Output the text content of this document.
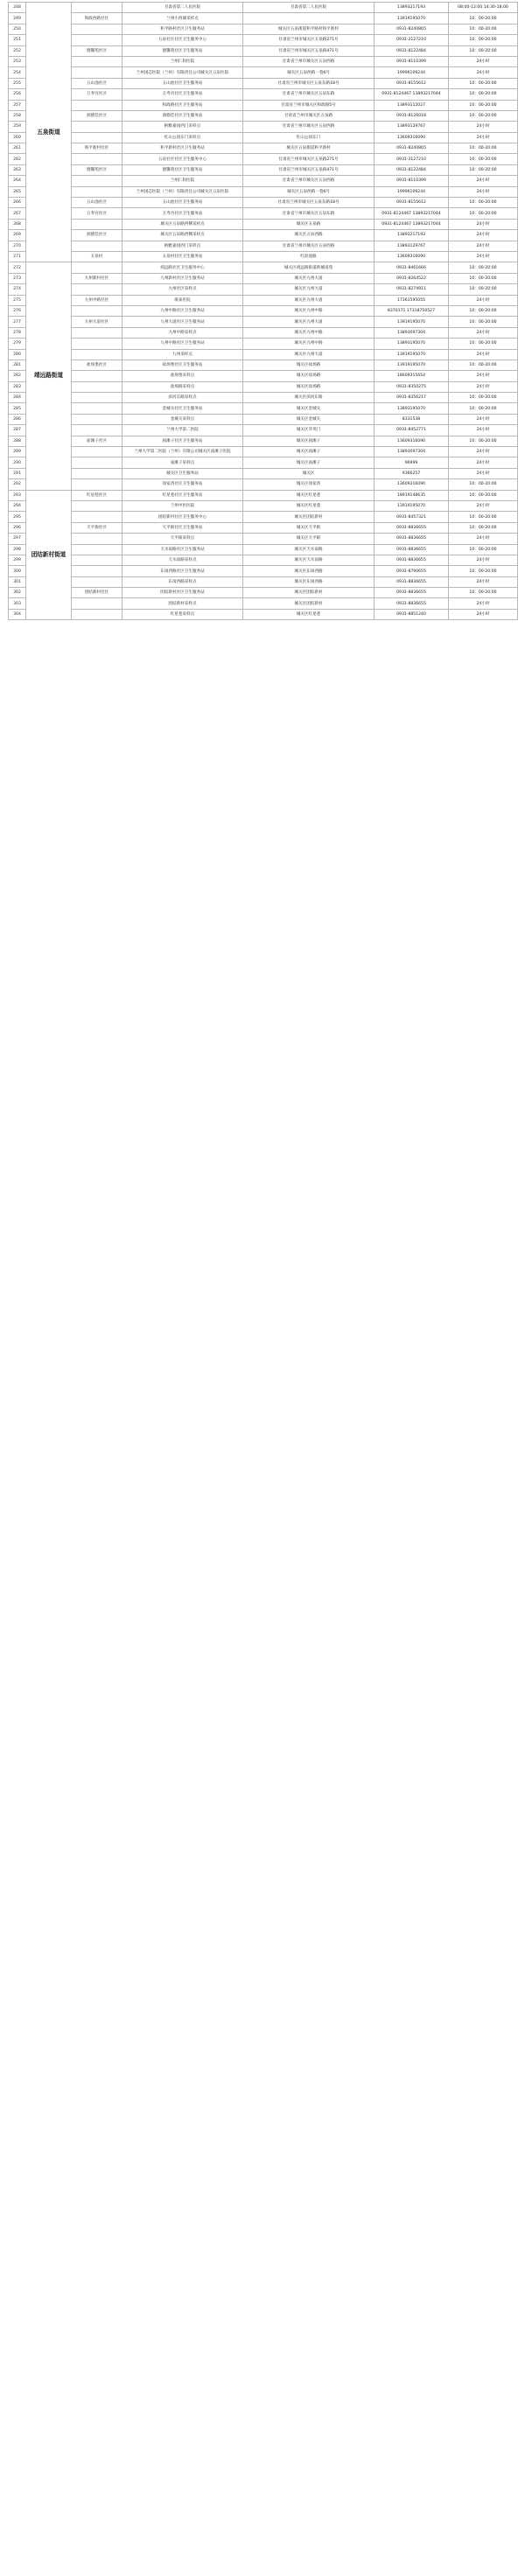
248	五泉街道		甘肃省第二人民医院	甘肃省第二人民医院	13893217193	08:00-12:00 14:30-18:00
249		和政西路社区	兰州小西湖采样点		13919195070	10：00-20:00
250			和平路村社区卫生服务站	城关区五泉街道和平路村和平新村	0931-8240865	10：00-20:00
251			五泉社区社区卫生服务中心	甘肃省兰州市城关区五泉路271号	0931-2127210	10：00-20:00
252		德馨苑社区	德馨苑社区卫生服务站	甘肃省兰州市城关区五泉路471号	0931-8122484	10：00-20:00
253			兰州仁和医院	甘肃省兰州市城关区五泉西路	0931-8110399	24小时
254			兰州国芯医院（兰州）有限责任公司城关区五泉医院	城关区五泉西路一巷6号	19996109244	24小时
255		五山池社区	五山池社区卫生服务站	甘肃省兰州市城关区五泉东路18号	0931-8155612	10：00-20:00
256		万寿宫社区	万寿宫社区卫生服务站	甘肃省兰州市城关区五泉东路	0931-8124467 13893217044	10：00-20:00
257			和政路社区卫生服务站	甘肃省兰州市城关区和政路5号	13893112027	10：00-20:00
258		润德佳社区	润德佳社区卫生服务站	甘肃省兰州市城关区五泉路	0931-8126018	10：00-20:00
259			柄雅嘉园西门采样点	甘肃省兰州市城关区五泉西路	13893129767	24小时
260			红山公园东门采样点	红山公园东门	13609316090	24小时
261		和平新村社区	和平新村社区卫生服务站	城关区五泉街道和平新村	0931-8240865	10：00-20:00
262			五泉社区社区卫生服务中心	甘肃省兰州市城关区五泉路271号	0931-2127210	10：00-20:00
263		德馨苑社区	德馨苑社区卫生服务站	甘肃省兰州市城关区五泉路471号	0931-8122484	10：00-20:00
264			兰州仁和医院	甘肃省兰州市城关区五泉西路	0931-8110399	24小时
265			兰州国芯医院（兰州）有限责任公司城关区五泉医院	城关区五泉西路一巷6号	19996109244	24小时
266		五山池社区	五山池社区卫生服务站	甘肃省兰州市城关区五泉东路18号	0931-8155612	10：00-20:00
267		万寿宫社区	万寿宫社区卫生服务站	甘肃省兰州市城关区五泉东路	0931-8124467 13893217044	10：00-20:00
268			城关区五泉路西侧采样点	城关区五泉路	0931-8124467 13893217044	24小时
269		润德佳社区	城关区五泉路西侧采样点	城关区五泉西路	13893217193	24小时
270			柄雅嘉园西门采样点	甘肃省兰州市城关区五泉西路	13893129767	24小时
271		五泉村	五泉村社区卫生服务站	红泥池路	13609316090	24小时
272	靖远路街道		靖远路社区卫生服务中心	城关区靖远路街道新城南苑	0931-8461666	10：00-20:00
273		九州新村社区	九州新村社区卫生服务站	城关区九州大道	0931-8264522	10：00-20:00
274			九州社区采样点	城关区九州大道	0931-8274911	10：00-20:00
275		九州中路社区	康泰医院	城关区九州大道	17361595055	24小时
276			九州中路社区卫生服务站	城关区九州中路	8370171 17318750527	10：00-20:00
277		九州大道社区	九州大道社区卫生服务站	城关区九州大道	13919195070	10：00-20:00
278			九州中路采样点	城关区九州中路	13893097304	24小时
279			九州中路社区卫生服务站	城关区九州中路	13893195070	10：00-20:00
280			九州采样点	城关区九州大道	13919195070	24小时
281		盐场堡社区	盐场堡社区卫生服务站	城关区盐场路	13919195070	10：00-20:00
282			盐场堡采样点	城关区盐场路	18609315654	24小时
283			盐场路采样点	城关区盐场路	0931-8350275	24小时
284			滨河东路采样点	城关区滨河东路	0931-8356217	10：00-20:00
285			金城关社区卫生服务站	城关区金城关	13893195070	10：00-20:00
286			金城关采样点	城关区金城关	8331538	24小时
287			兰州大学第二医院	城关区萃英门	0931-8452771	24小时
288		庙滩子社区	庙滩子社区卫生服务站	城关区庙滩子	13609316090	10：00-20:00
289			兰州大学第二医院（兰州）有限公司城关区庙滩子医院	城关区庙滩子	13893097304	24小时
290			庙滩子采样点	城关区庙滩子	96999	24小时
291			城关区卫生服务站	城关区	9366257	24小时
292			徐家湾社区卫生服务站	城关区徐家湾	13609316090	10：00-20:00
293	团结新村街道	红星巷社区	红星巷社区卫生服务站	城关区红星巷	18919148635	10：00-20:00
294			兰州中医医院	城关区红星巷	13919195070	24小时
295			团结新村社区卫生服务中心	城关区团结新村	0931-8457321	10：00-20:00
296		天平街社区	天平街社区卫生服务站	城关区天平街	0931-8836655	10：00-20:00
297			天平街采样点	城关区天平街	0931-8836655	24小时
298			天水南路社区卫生服务站	城关区天水南路	0931-8836655	10：00-20:00
299			天水南路采样点	城关区天水南路	0931-8836655	24小时
300			东岗西路社区卫生服务站	城关区东岗西路	0931-8790655	10：00-20:00
301			东岗西路采样点	城关区东岗西路	0931-8836655	24小时
302		团结新村社区	团结新村社区卫生服务站	城关区团结新村	0931-8836655	10：00-20:00
303			团结新村采样点	城关区团结新村	0931-8836655	24小时
304			红星巷采样点	城关区红星巷	0931-8851240	24小时
